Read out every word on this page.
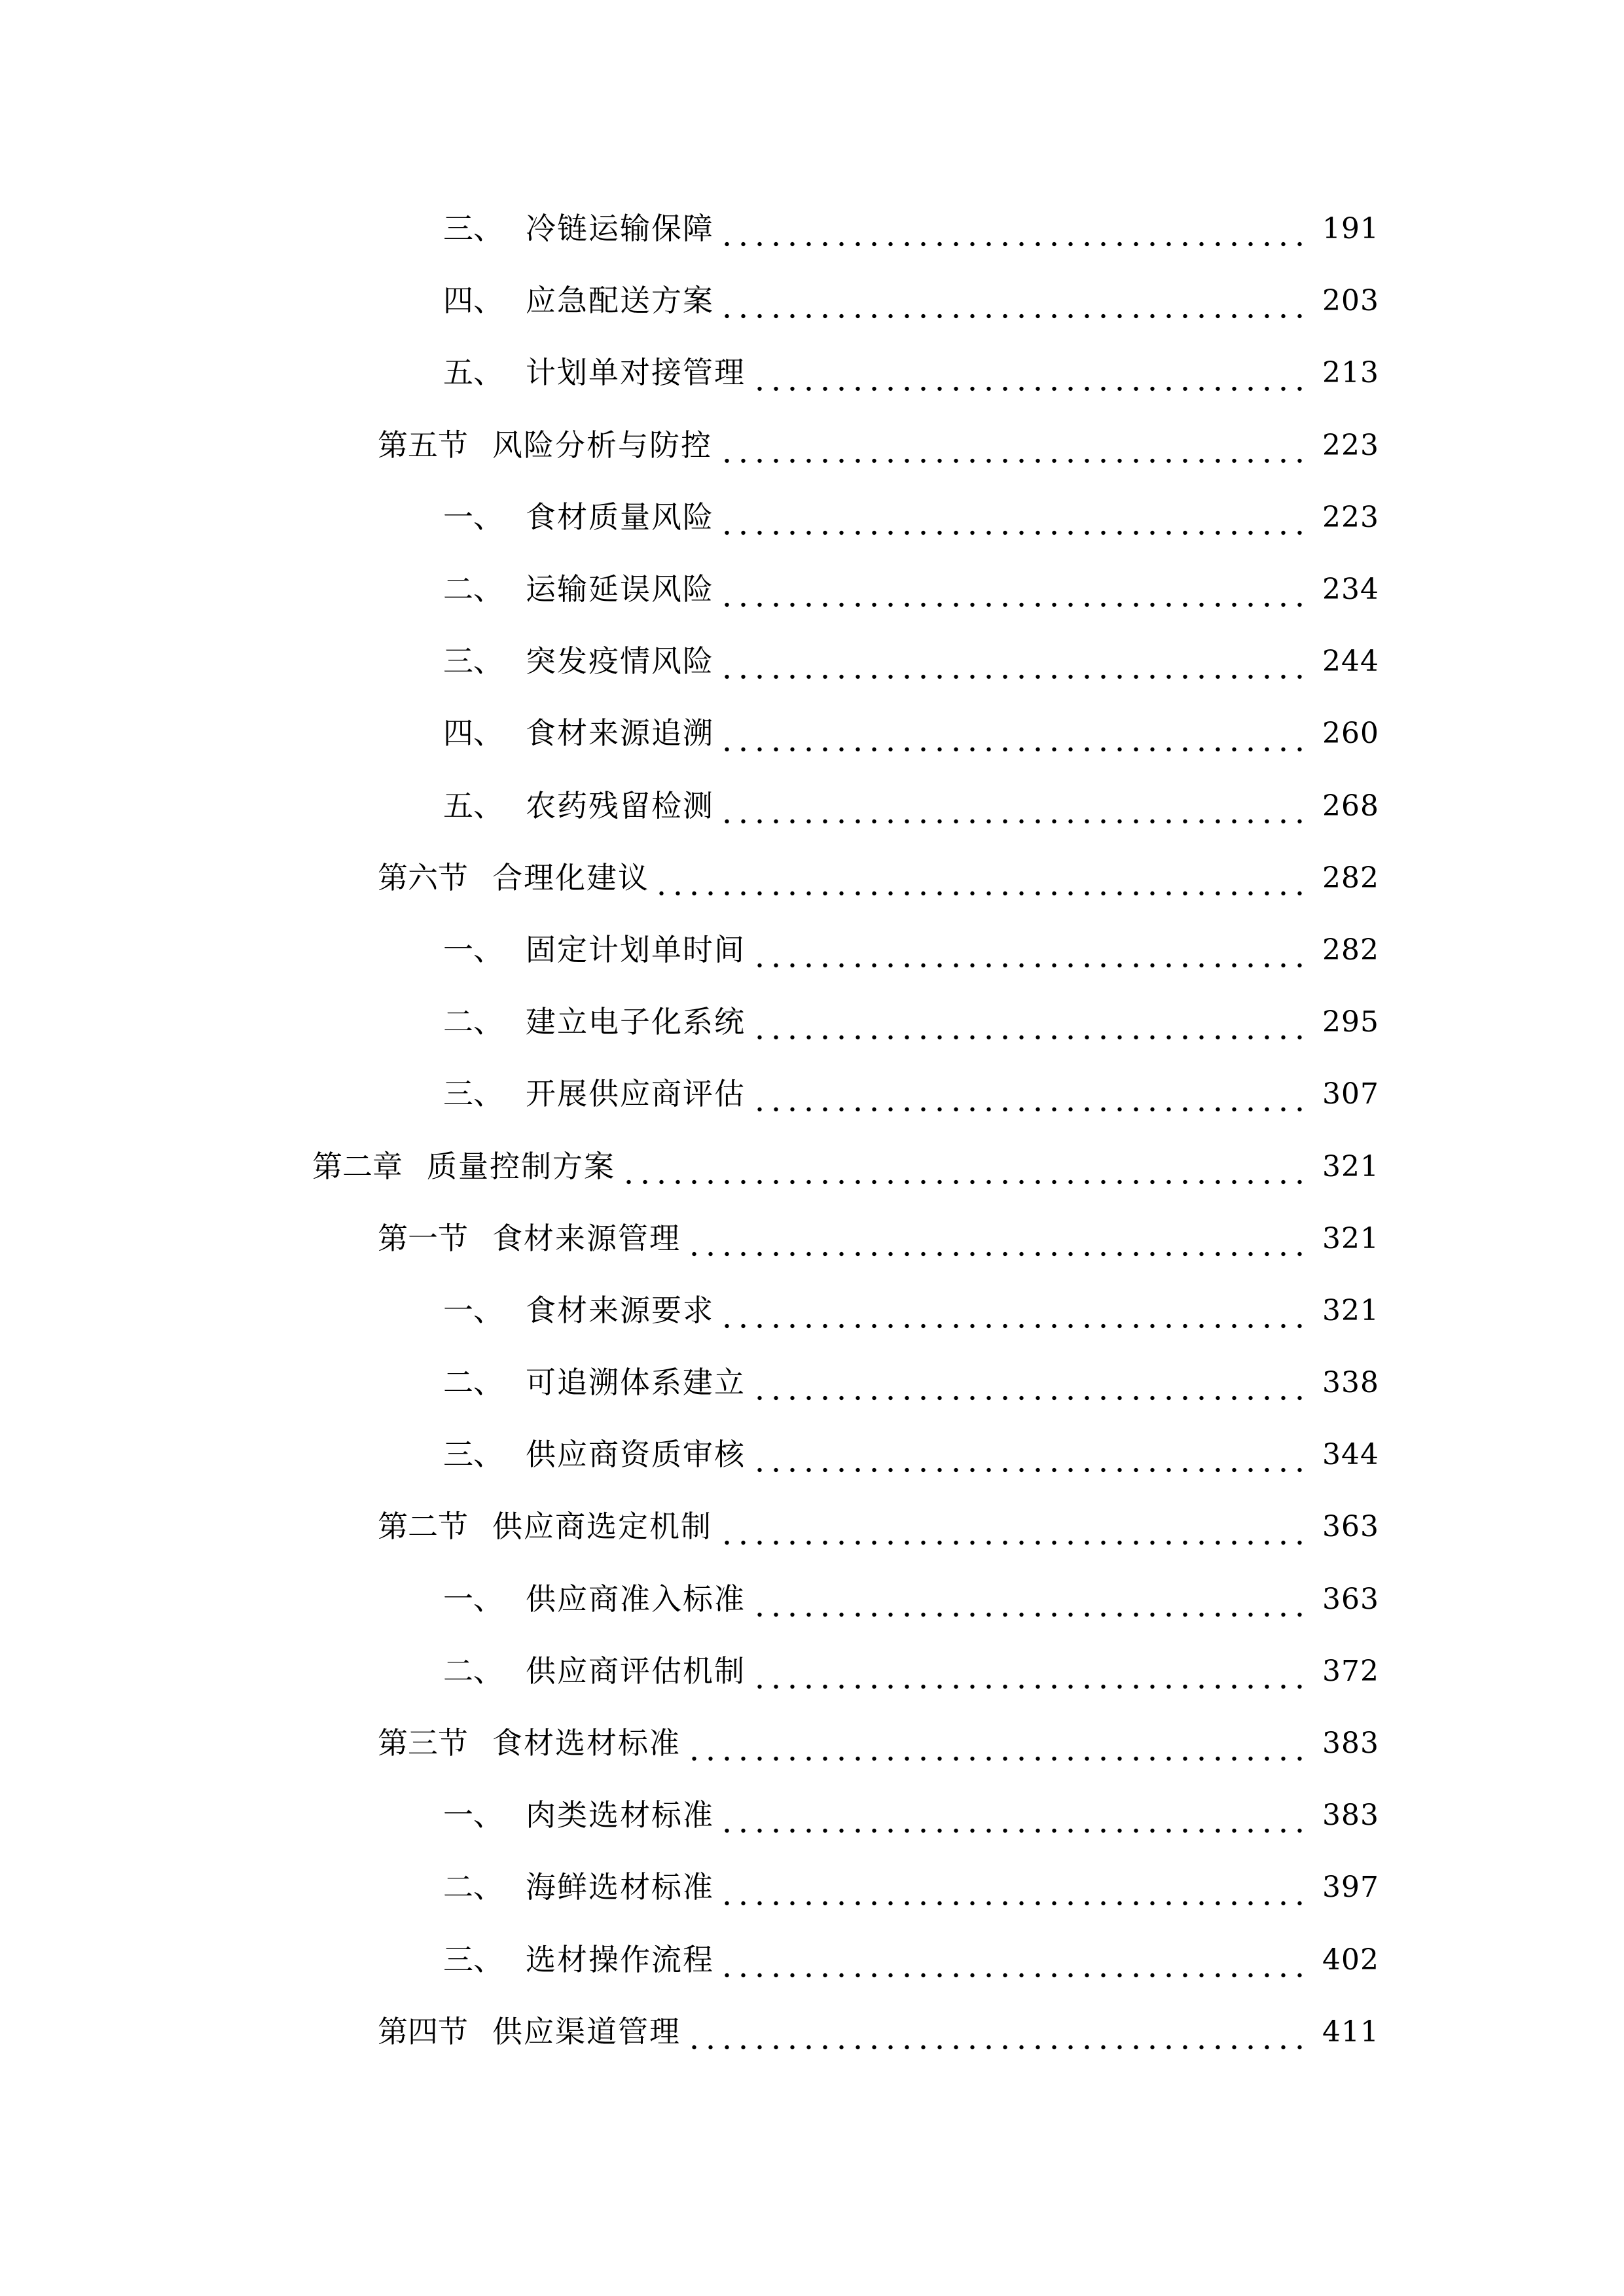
三、 冷链运输保障	191
四、 应急配送方案	203
五、 计划单对接管理	213
第五节 风险分析与防控	223
一、 食材质量风险	223
二、 运输延误风险	234
三、 突发疫情风险	244
四、 食材来源追溯	260
五、 农药残留检测	268
第六节 合理化建议	282
一、 固定计划单时间	282
二、 建立电子化系统	295
三、 开展供应商评估	307
第二章 质量控制方案	321
第一节 食材来源管理	321
一、 食材来源要求	321
二、 可追溯体系建立	338
三、 供应商资质审核	344
第二节 供应商选定机制	363
一、 供应商准入标准	363
二、 供应商评估机制	372
第三节 食材选材标准	383
一、 肉类选材标准	383
二、 海鲜选材标准	397
三、 选材操作流程	402
第四节 供应渠道管理	411
